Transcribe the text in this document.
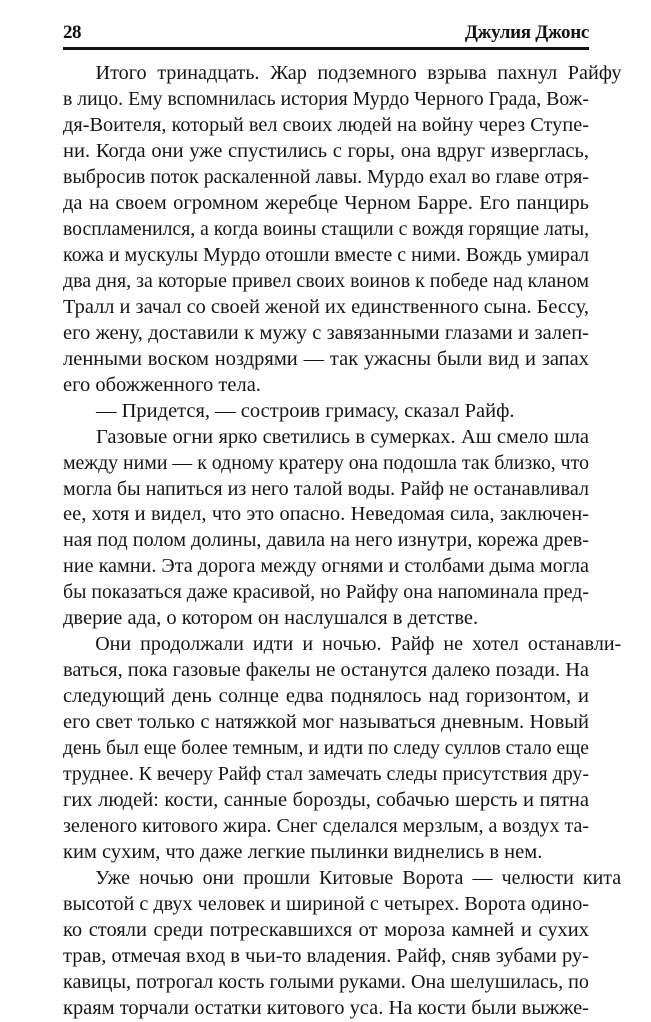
28	Джулия Джонс
Итого тринадцать. Жар подземного взрыва пахнул Райфу
в лицо. Ему вспомнилась история Мурдо Черного Града, Вож-
дя-Воителя, который вел своих людей на войну через Ступе-
ни. Когда они уже спустились с горы, она вдруг изверглась,
выбросив поток раскаленной лавы. Мурдо ехал во главе отря-
да на своем огромном жеребце Черном Барре. Его панцирь
воспламенился, а когда воины стащили с вождя горящие латы,
кожа и мускулы Мурдо отошли вместе с ними. Вождь умирал
два дня, за которые привел своих воинов к победе над кланом
Тралл и зачал со своей женой их единственного сына. Бессу,
его жену, доставили к мужу с завязанными глазами и залеп-
ленными воском ноздрями — так ужасны были вид и запах
его обожженного тела.
— Придется, — состроив гримасу, сказал Райф.
Газовые огни ярко светились в сумерках. Аш смело шла
между ними — к одному кратеру она подошла так близко, что
могла бы напиться из него талой воды. Райф не останавливал
ее, хотя и видел, что это опасно. Неведомая сила, заключен-
ная под полом долины, давила на него изнутри, корежа древ-
ние камни. Эта дорога между огнями и столбами дыма могла
бы показаться даже красивой, но Райфу она напоминала пред-
дверие ада, о котором он наслушался в детстве.
Они продолжали идти и ночью. Райф не хотел останавли-
ваться, пока газовые факелы не останутся далеко позади. На
следующий день солнце едва поднялось над горизонтом, и
его свет только с натяжкой мог называться дневным. Новый
день был еще более темным, и идти по следу суллов стало еще
труднее. К вечеру Райф стал замечать следы присутствия дру-
гих людей: кости, санные борозды, собачью шерсть и пятна
зеленого китового жира. Снег сделался мерзлым, а воздух та-
ким сухим, что даже легкие пылинки виднелись в нем.
Уже ночью они прошли Китовые Ворота — челюсти кита
высотой с двух человек и шириной с четырех. Ворота одино-
ко стояли среди потрескавшихся от мороза камней и сухих
трав, отмечая вход в чьи-то владения. Райф, сняв зубами ру-
кавицы, потрогал кость голыми руками. Она шелушилась, по
краям торчали остатки китового уса. На кости были выжже-
